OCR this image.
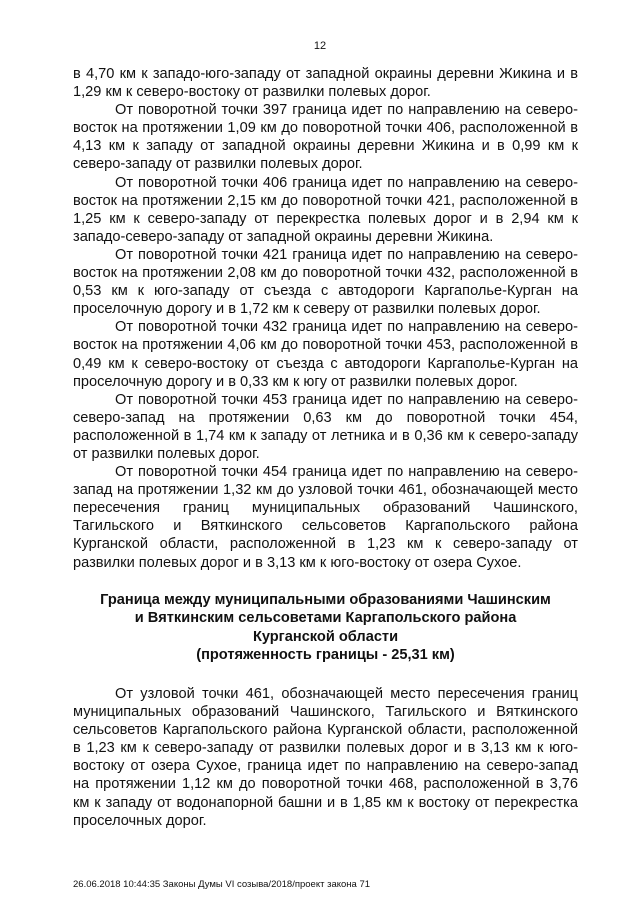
12

в 4,70 км к западо-юго-западу от западной окраины деревни Жикина и в 1,29 км к северо-востоку от развилки полевых дорог.

От поворотной точки 397 граница идет по направлению на северо-восток на протяжении 1,09 км до поворотной точки 406, расположенной в 4,13 км к западу от западной окраины деревни Жикина и в 0,99 км к северо-западу от развилки полевых дорог.

От поворотной точки 406 граница идет по направлению на северо-восток на протяжении 2,15 км до поворотной точки 421, расположенной в 1,25 км к северо-западу от перекрестка полевых дорог и в 2,94 км к западо-северо-западу от западной окраины деревни Жикина.

От поворотной точки 421 граница идет по направлению на северо-восток на протяжении 2,08 км до поворотной точки 432, расположенной в 0,53 км к юго-западу от съезда с автодороги Каргаполье-Курган на проселочную дорогу и в 1,72 км к северу от развилки полевых дорог.

От поворотной точки 432 граница идет по направлению на северо-восток на протяжении 4,06 км до поворотной точки 453, расположенной в 0,49 км к северо-востоку от съезда с автодороги Каргаполье-Курган на проселочную дорогу и в 0,33 км к югу от развилки полевых дорог.

От поворотной точки 453 граница идет по направлению на северо-северо-запад на протяжении 0,63 км до поворотной точки 454, расположенной в 1,74 км к западу от летника и в 0,36 км к северо-западу от развилки полевых дорог.

От поворотной точки 454 граница идет по направлению на северо-запад на протяжении 1,32 км до узловой точки 461, обозначающей место пересечения границ муниципальных образований Чашинского, Тагильского и Вяткинского сельсоветов Каргапольского района Курганской области, расположенной в 1,23 км к северо-западу от развилки полевых дорог и в 3,13 км к юго-востоку от озера Сухое.

Граница между муниципальными образованиями Чашинским
и Вяткинским сельсоветами Каргапольского района
Курганской области
(протяженность границы - 25,31 км)

От узловой точки 461, обозначающей место пересечения границ муниципальных образований Чашинского, Тагильского и Вяткинского сельсоветов Каргапольского района Курганской области, расположенной в 1,23 км к северо-западу от развилки полевых дорог и в 3,13 км к юго-востоку от озера Сухое, граница идет по направлению на северо-запад на протяжении 1,12 км до поворотной точки 468, расположенной в 3,76 км к западу от водонапорной башни и в 1,85 км к востоку от перекрестка проселочных дорог.

26.06.2018 10:44:35 Законы Думы VI созыва/2018/проект закона 71
